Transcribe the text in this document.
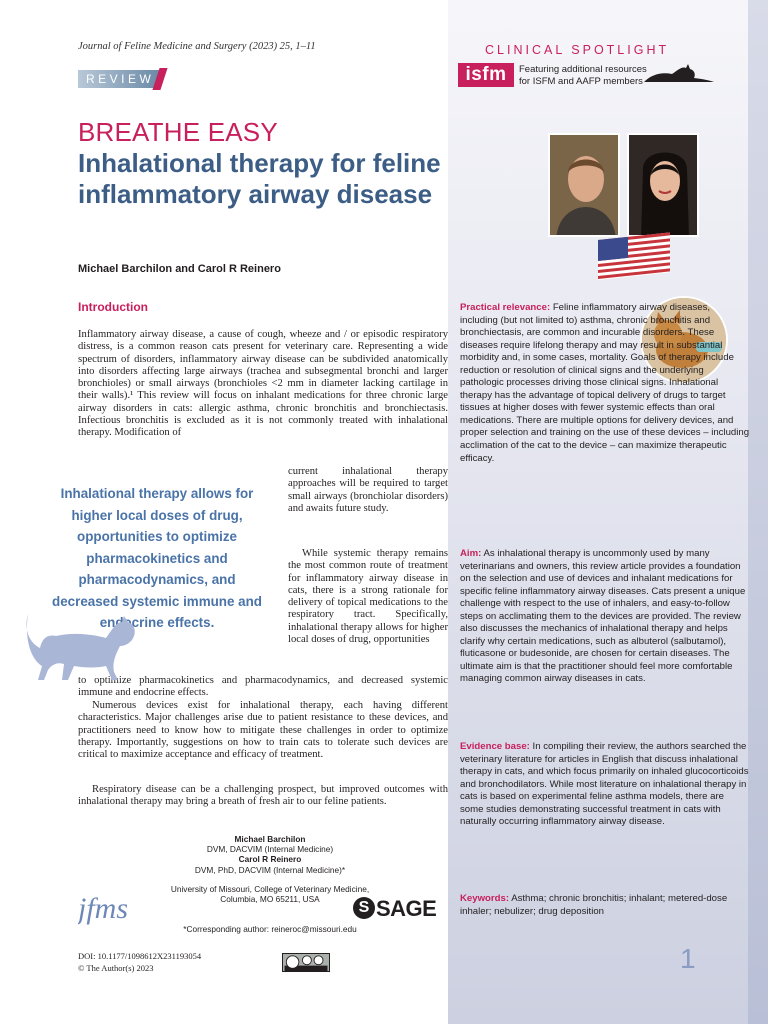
Journal of Feline Medicine and Surgery (2023) 25, 1–11
REVIEW
CLINICAL SPOTLIGHT
isfm	Featuring additional resources for ISFM and AAFP members
BREATHE EASY
Inhalational therapy for feline inflammatory airway disease
Michael Barchilon and Carol R Reinero
Introduction
Inflammatory airway disease, a cause of cough, wheeze and / or episodic respiratory distress, is a common reason cats present for veterinary care. Representing a wide spectrum of disorders, inflammatory airway disease can be subdivided anatomically into disorders affecting large airways (trachea and subsegmental bronchi and larger bronchioles) or small airways (bronchioles <2 mm in diameter lacking cartilage in their walls).¹ This review will focus on inhalant medications for three chronic large airway disorders in cats: allergic asthma, chronic bronchitis and bronchiectasis. Infectious bronchitis is excluded as it is not commonly treated with inhalational therapy. Modification of
current inhalational therapy approaches will be required to target small airways (bronchiolar disorders) and awaits future study.
While systemic therapy remains the most common route of treatment for inflammatory airway disease in cats, there is a strong rationale for delivery of topical medications to the respiratory tract. Specifically, inhalational therapy allows for higher local doses of drug, opportunities
to optimize pharmacokinetics and pharmacodynamics, and decreased systemic immune and endocrine effects.
Numerous devices exist for inhalational therapy, each having different characteristics. Major challenges arise due to patient resistance to these devices, and practitioners need to know how to mitigate these challenges in order to optimize therapy. Importantly, suggestions on how to train cats to tolerate such devices are critical to maximize acceptance and efficacy of treatment.
Respiratory disease can be a challenging prospect, but improved outcomes with inhalational therapy may bring a breath of fresh air to our feline patients.
Inhalational therapy allows for higher local doses of drug, opportunities to optimize pharmacokinetics and pharmacodynamics, and decreased systemic immune and endocrine effects.
Michael Barchilon
DVM, DACVIM (Internal Medicine)
Carol R Reinero
DVM, PhD, DACVIM (Internal Medicine)*
University of Missouri, College of Veterinary Medicine, Columbia, MO 65211, USA
*Corresponding author: reineroc@missouri.edu
jfms	S SAGE
DOI: 10.1177/1098612X231193054
© The Author(s) 2023	1
Practical relevance: Feline inflammatory airway diseases, including (but not limited to) asthma, chronic bronchitis and bronchiectasis, are common and incurable disorders. These diseases require lifelong therapy and may result in substantial morbidity and, in some cases, mortality. Goals of therapy include reduction or resolution of clinical signs and the underlying pathologic processes driving those clinical signs. Inhalational therapy has the advantage of topical delivery of drugs to target tissues at higher doses with fewer systemic effects than oral medications. There are multiple options for delivery devices, and proper selection and training on the use of these devices – including acclimation of the cat to the device – can maximize therapeutic efficacy.
Aim: As inhalational therapy is uncommonly used by many veterinarians and owners, this review article provides a foundation on the selection and use of devices and inhalant medications for specific feline inflammatory airway diseases. Cats present a unique challenge with respect to the use of inhalers, and easy-to-follow steps on acclimating them to the devices are provided. The review also discusses the mechanics of inhalational therapy and helps clarify why certain medications, such as albuterol (salbutamol), fluticasone or budesonide, are chosen for certain diseases. The ultimate aim is that the practitioner should feel more comfortable managing common airway diseases in cats.
Evidence base: In compiling their review, the authors searched the veterinary literature for articles in English that discuss inhalational therapy in cats, and which focus primarily on inhaled glucocorticoids and bronchodilators. While most literature on inhalational therapy in cats is based on experimental feline asthma models, there are some studies demonstrating successful treatment in cats with naturally occurring inflammatory airway disease.
Keywords: Asthma; chronic bronchitis; inhalant; metered-dose inhaler; nebulizer; drug deposition
